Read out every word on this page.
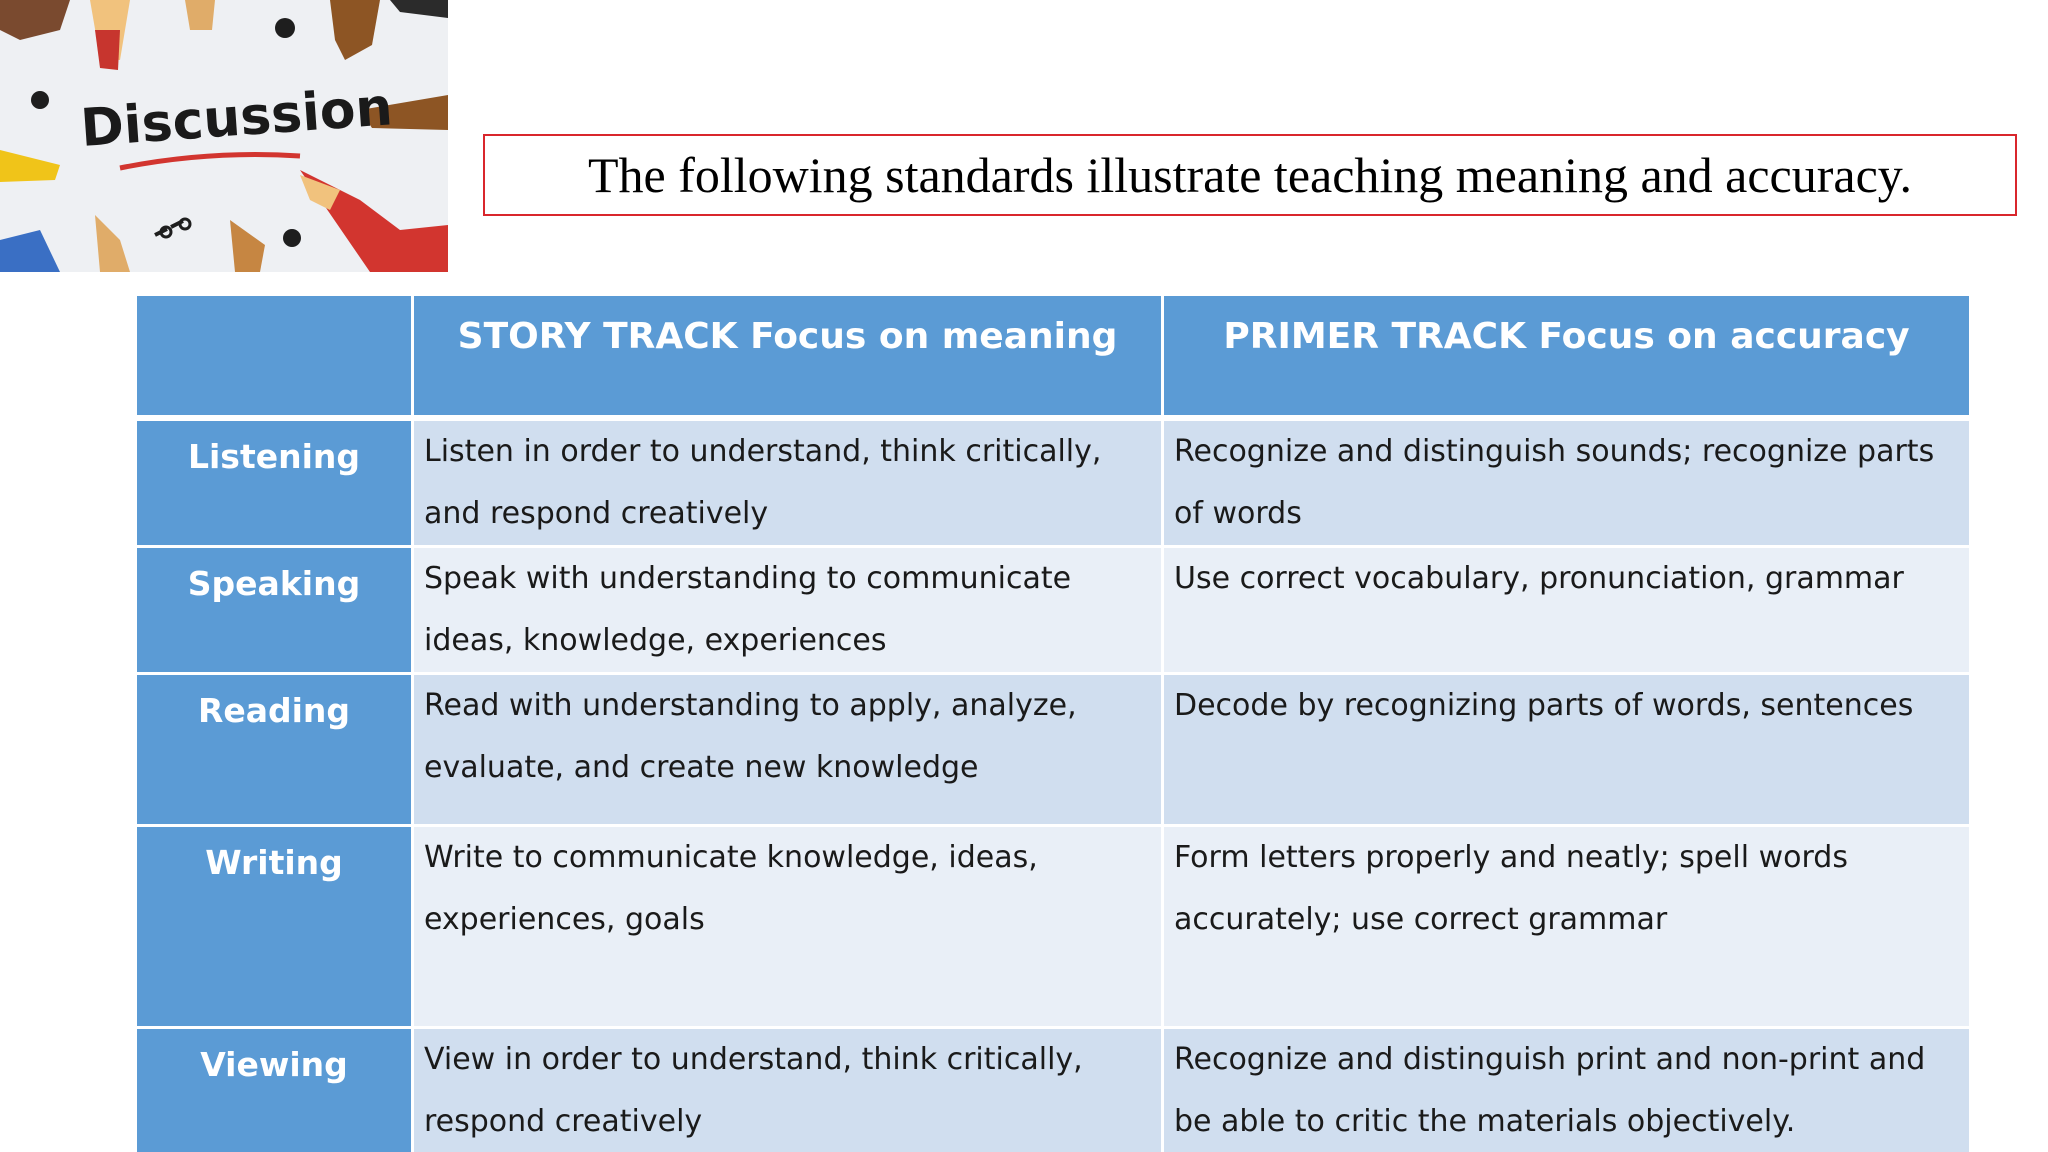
Discussion
The following standards illustrate teaching meaning and accuracy.
	STORY TRACK Focus on meaning	PRIMER TRACK Focus on accuracy
Listening	Listen in order to understand, think critically, and respond creatively	Recognize and distinguish sounds; recognize parts of words
Speaking	Speak with understanding to communicate ideas, knowledge, experiences	Use correct vocabulary, pronunciation, grammar
Reading	Read with understanding to apply, analyze, evaluate, and create new knowledge	Decode by recognizing parts of words, sentences
Writing	Write to communicate knowledge, ideas, experiences, goals	Form letters properly and neatly; spell words accurately; use correct grammar
Viewing	View in order to understand, think critically, respond creatively	Recognize and distinguish print and non-print and be able to critic the materials objectively.
